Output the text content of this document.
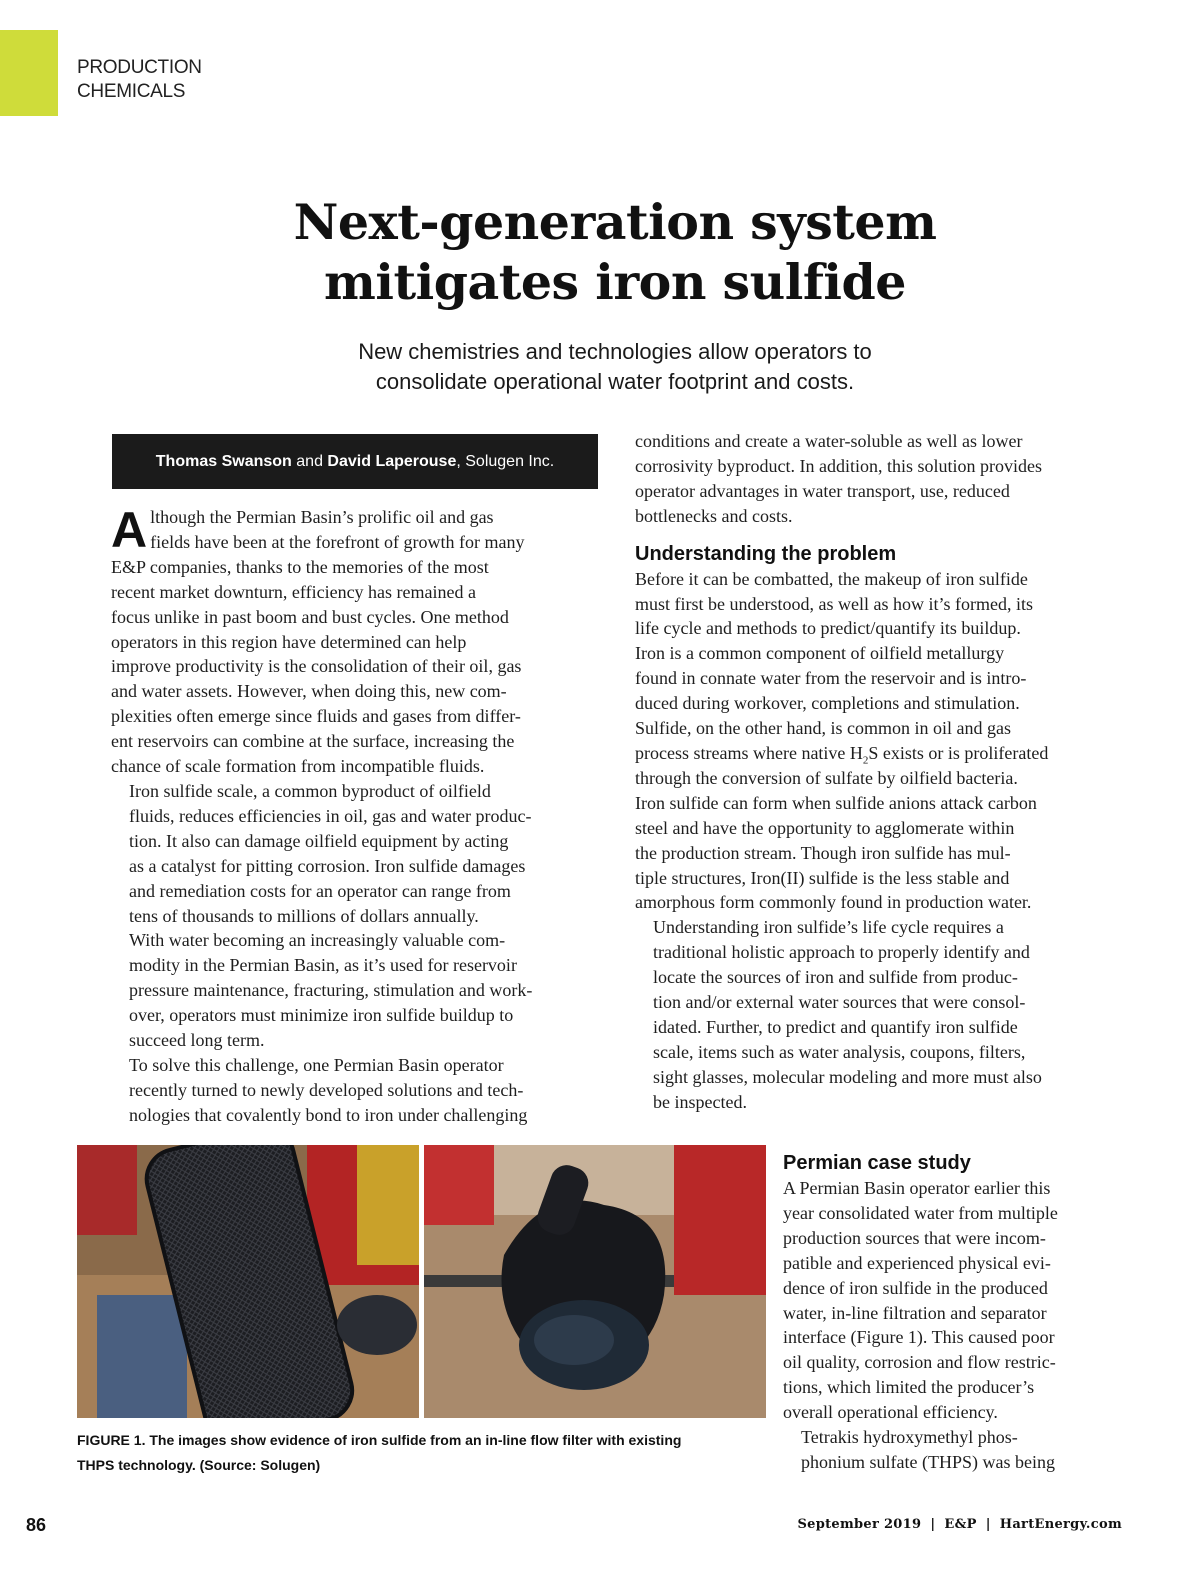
PRODUCTION
CHEMICALS
Next-generation system
mitigates iron sulfide
New chemistries and technologies allow operators to
consolidate operational water footprint and costs.
Thomas Swanson and David Laperouse, Solugen Inc.
A lthough the Permian Basin’s prolific oil and gas
fields have been at the forefront of growth for many
E&P companies, thanks to the memories of the most
recent market downturn, efficiency has remained a
focus unlike in past boom and bust cycles. One method
operators in this region have determined can help
improve productivity is the consolidation of their oil, gas
and water assets. However, when doing this, new com-
plexities often emerge since fluids and gases from differ-
ent reservoirs can combine at the surface, increasing the
chance of scale formation from incompatible fluids.
Iron sulfide scale, a common byproduct of oilfield
fluids, reduces efficiencies in oil, gas and water produc-
tion. It also can damage oilfield equipment by acting
as a catalyst for pitting corrosion. Iron sulfide damages
and remediation costs for an operator can range from
tens of thousands to millions of dollars annually.
With water becoming an increasingly valuable com-
modity in the Permian Basin, as it’s used for reservoir
pressure maintenance, fracturing, stimulation and work-
over, operators must minimize iron sulfide buildup to
succeed long term.
To solve this challenge, one Permian Basin operator
recently turned to newly developed solutions and tech-
nologies that covalently bond to iron under challenging
conditions and create a water-soluble as well as lower
corrosivity byproduct. In addition, this solution provides
operator advantages in water transport, use, reduced
bottlenecks and costs.
Understanding the problem
Before it can be combatted, the makeup of iron sulfide
must first be understood, as well as how it’s formed, its
life cycle and methods to predict/quantify its buildup.
Iron is a common component of oilfield metallurgy
found in connate water from the reservoir and is intro-
duced during workover, completions and stimulation.
Sulfide, on the other hand, is common in oil and gas
process streams where native $H_2S$ exists or is proliferated
through the conversion of sulfate by oilfield bacteria.
Iron sulfide can form when sulfide anions attack carbon
steel and have the opportunity to agglomerate within
the production stream. Though iron sulfide has mul-
tiple structures, Iron(II) sulfide is the less stable and
amorphous form commonly found in production water.
Understanding iron sulfide’s life cycle requires a
traditional holistic approach to properly identify and
locate the sources of iron and sulfide from produc-
tion and/or external water sources that were consol-
idated. Further, to predict and quantify iron sulfide
scale, items such as water analysis, coupons, filters,
sight glasses, molecular modeling and more must also
be inspected.
FIGURE 1. The images show evidence of iron sulfide from an in-line flow filter with existing
THPS technology. (Source: Solugen)
Permian case study
A Permian Basin operator earlier this
year consolidated water from multiple
production sources that were incom-
patible and experienced physical evi-
dence of iron sulfide in the produced
water, in-line filtration and separator
interface (Figure 1). This caused poor
oil quality, corrosion and flow restric-
tions, which limited the producer’s
overall operational efficiency.
Tetrakis hydroxymethyl phos-
phonium sulfate (THPS) was being
86	September 2019 | E&P | HartEnergy.com
